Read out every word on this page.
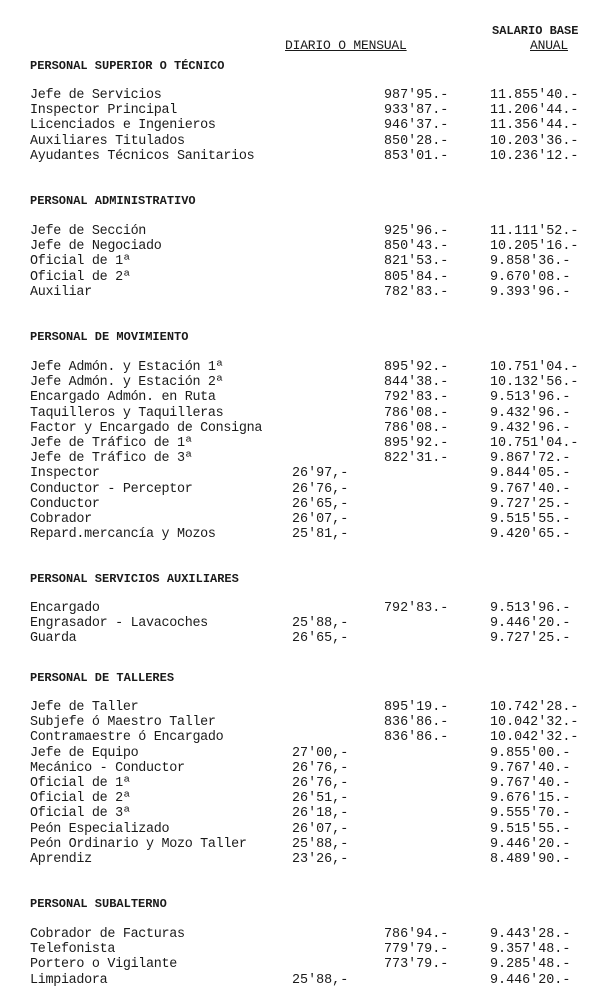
SALARIO BASE
DIARIO O MENSUAL	ANUAL
PERSONAL SUPERIOR O TÉCNICO
Jefe de Servicios	987'95.-	11.855'40.-
Inspector Principal	933'87.-	11.206'44.-
Licenciados e Ingenieros	946'37.-	11.356'44.-
Auxiliares Titulados	850'28.-	10.203'36.-
Ayudantes Técnicos Sanitarios	853'01.-	10.236'12.-
PERSONAL ADMINISTRATIVO
Jefe de Sección	925'96.-	11.111'52.-
Jefe de Negociado	850'43.-	10.205'16.-
Oficial de 1ª	821'53.-	9.858'36.-
Oficial de 2ª	805'84.-	9.670'08.-
Auxiliar	782'83.-	9.393'96.-
PERSONAL DE MOVIMIENTO
Jefe Admón. y Estación 1ª	895'92.-	10.751'04.-
Jefe Admón. y Estación 2ª	844'38.-	10.132'56.-
Encargado Admón. en Ruta	792'83.-	9.513'96.-
Taquilleros y Taquilleras	786'08.-	9.432'96.-
Factor y Encargado de Consigna	786'08.-	9.432'96.-
Jefe de Tráfico de 1ª	895'92.-	10.751'04.-
Jefe de Tráfico de 3ª	822'31.-	9.867'72.-
Inspector	26'97,-	9.844'05.-
Conductor - Perceptor	26'76,-	9.767'40.-
Conductor	26'65,-	9.727'25.-
Cobrador	26'07,-	9.515'55.-
Repard.mercancía y Mozos	25'81,-	9.420'65.-
PERSONAL SERVICIOS AUXILIARES
Encargado	792'83.-	9.513'96.-
Engrasador - Lavacoches	25'88,-	9.446'20.-
Guarda	26'65,-	9.727'25.-
PERSONAL DE TALLERES
Jefe de Taller	895'19.-	10.742'28.-
Subjefe ó Maestro Taller	836'86.-	10.042'32.-
Contramaestre ó Encargado	836'86.-	10.042'32.-
Jefe de Equipo	27'00,-	9.855'00.-
Mecánico - Conductor	26'76,-	9.767'40.-
Oficial de 1ª	26'76,-	9.767'40.-
Oficial de 2ª	26'51,-	9.676'15.-
Oficial de 3ª	26'18,-	9.555'70.-
Peón Especializado	26'07,-	9.515'55.-
Peón Ordinario y Mozo Taller	25'88,-	9.446'20.-
Aprendiz	23'26,-	8.489'90.-
PERSONAL SUBALTERNO
Cobrador de Facturas	786'94.-	9.443'28.-
Telefonista	779'79.-	9.357'48.-
Portero o Vigilante	773'79.-	9.285'48.-
Limpiadora	25'88,-	9.446'20.-
